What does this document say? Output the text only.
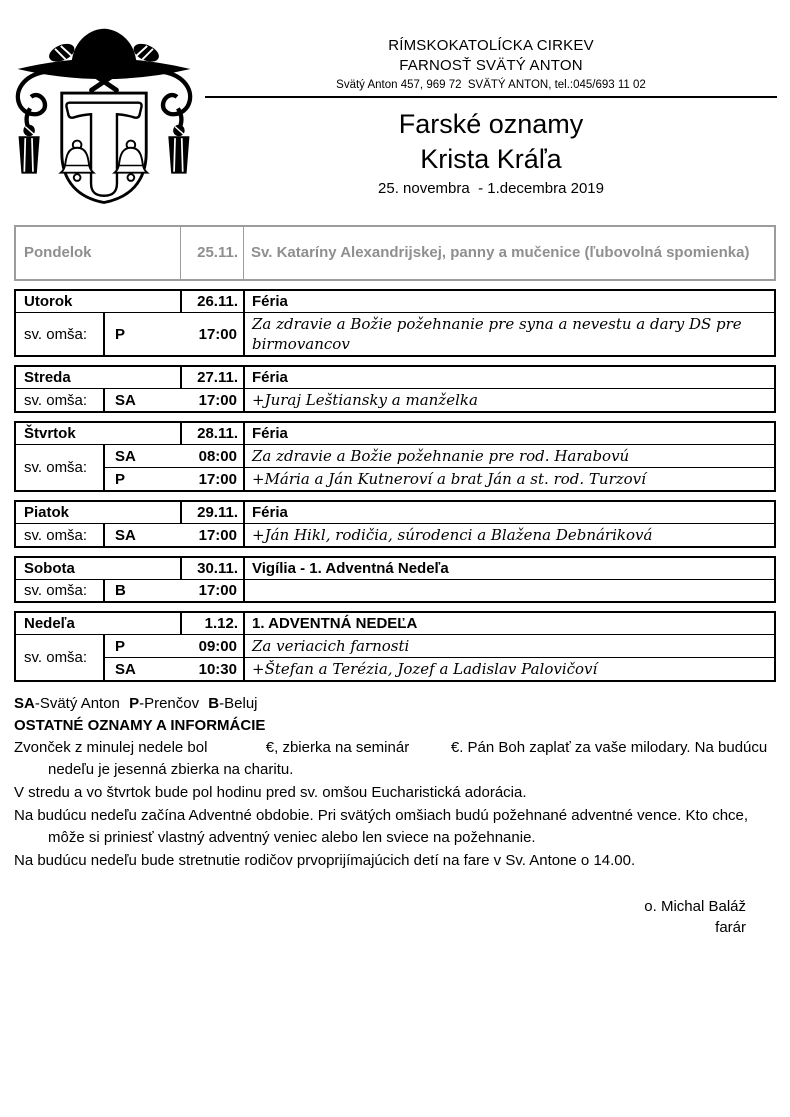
RÍMSKOKATOLÍCKA CIRKEV
FARNOSŤ SVÄTÝ ANTON
Svätý Anton 457, 969 72  SVÄTÝ ANTON, tel.:045/693 11 02
Farské oznamy
Krista Kráľa
25. novembra  - 1.decembra 2019
Pondelok	25.11. Sv. Kataríny Alexandrijskej, panny a mučenice (ľubovolná spomienka)
Utorok	26.11. Féria
sv. omša:	P	17:00
Za zdravie a Božie požehnanie pre syna a nevestu a dary DS pre birmovancov
Streda	27.11. Féria
sv. omša:	SA	17:00 +Juraj Leštiansky a manželka
Štvrtok	28.11. Féria
sv. omša:
SA	08:00 Za zdravie a Božie požehnanie pre rod. Harabovú
P	17:00 +Mária a Ján Kutneroví a brat Ján a st. rod. Turzoví
Piatok	29.11. Féria
sv. omša:	SA	17:00 +Ján Hikl, rodičia, súrodenci a Blažena Debnáriková
Sobota	30.11. Vigília - 1. Adventná Nedeľa
sv. omša:	B	17:00
Nedeľa	1.12. 1. ADVENTNÁ NEDEĽA
sv. omša:
P	09:00 Za veriacich farnosti
SA	10:30 +Štefan a Terézia, Jozef a Ladislav Palovičoví
SA-Svätý Anton P-Prenčov B-Beluj
OSTATNÉ OZNAMY A INFORMÁCIE
Zvonček z minulej nedele bol              €, zbierka na seminár          €. Pán Boh zaplať za vaše milodary. Na budúcu nedeľu je jesenná zbierka na charitu.
V stredu a vo štvrtok bude pol hodinu pred sv. omšou Eucharistická adorácia.
Na budúcu nedeľu začína Adventné obdobie. Pri svätých omšiach budú požehnané adventné vence. Kto chce, môže si priniesť vlastný adventný veniec alebo len sviece na požehnanie.
Na budúcu nedeľu bude stretnutie rodičov prvoprijímajúcich detí na fare v Sv. Antone o 14.00.
o. Michal Baláž
farár
